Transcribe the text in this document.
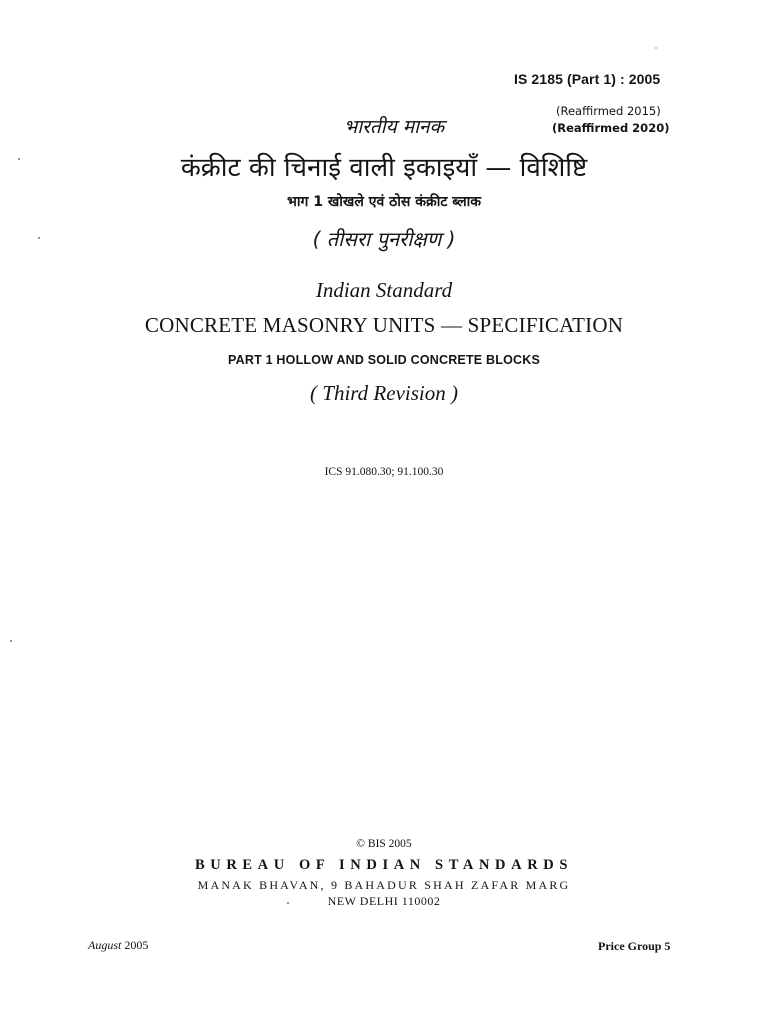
IS 2185 (Part 1) : 2005
(Reaffirmed 2015)
(Reaffirmed 2020)
भारतीय मानक
कंक्रीट की चिनाई वाली इकाइयाँ — विशिष्टि
भाग 1 खोखले एवं ठोस कंक्रीट ब्लाक
( तीसरा पुनरीक्षण )
Indian Standard
CONCRETE MASONRY UNITS — SPECIFICATION
PART 1 HOLLOW AND SOLID CONCRETE BLOCKS
( Third Revision )
ICS 91.080.30; 91.100.30
© BIS 2005
BUREAU OF INDIAN STANDARDS
MANAK BHAVAN, 9 BAHADUR SHAH ZAFAR MARG
NEW DELHI 110002
August 2005	Price Group 5
